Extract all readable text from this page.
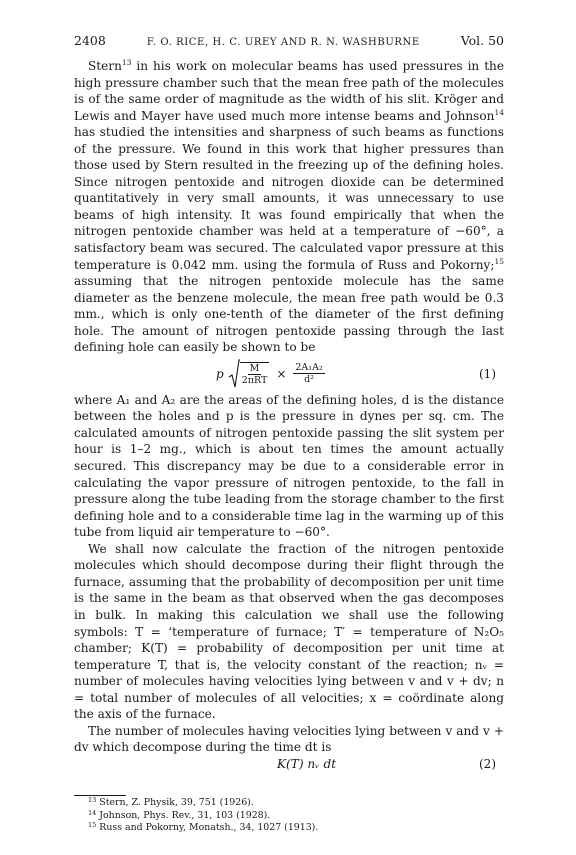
2408	F. O. RICE, H. C. UREY AND R. N. WASHBURNE	Vol. 50

Stern$^{13}$ in his work on molecular beams has used pressures in the high pressure chamber such that the mean free path of the molecules is of the same order of magnitude as the width of his slit. Kröger and Lewis and Mayer have used much more intense beams and Johnson$^{14}$ has studied the intensities and sharpness of such beams as functions of the pressure. We found in this work that higher pressures than those used by Stern resulted in the freezing up of the defining holes. Since nitrogen pentoxide and nitrogen dioxide can be determined quantitatively in very small amounts, it was unnecessary to use beams of high intensity. It was found empirically that when the nitrogen pentoxide chamber was held at a temperature of −60°, a satisfactory beam was secured. The calculated vapor pressure at this temperature is 0.042 mm. using the formula of Russ and Pokorny;$^{15}$ assuming that the nitrogen pentoxide molecule has the same diameter as the benzene molecule, the mean free path would be 0.3 mm., which is only one-tenth of the diameter of the first defining hole. The amount of nitrogen pentoxide passing through the last defining hole can easily be shown to be

p $\frac{M}{\text{2πRT}} \times \frac{\text{2A₁A₂}}{\text{d²}}$	(1)

where A₁ and A₂ are the areas of the defining holes, d is the distance between the holes and p is the pressure in dynes per sq. cm. The calculated amounts of nitrogen pentoxide passing the slit system per hour is 1–2 mg., which is about ten times the amount actually secured. This discrepancy may be due to a considerable error in calculating the vapor pressure of nitrogen pentoxide, to the fall in pressure along the tube leading from the storage chamber to the first defining hole and to a considerable time lag in the warming up of this tube from liquid air temperature to −60°.

We shall now calculate the fraction of the nitrogen pentoxide molecules which should decompose during their flight through the furnace, assuming that the probability of decomposition per unit time is the same in the beam as that observed when the gas decomposes in bulk. In making this calculation we shall use the following symbols: T = ‘temperature of furnace; T′ = temperature of N₂O₅ chamber; K(T) = probability of decomposition per unit time at temperature T, that is, the velocity constant of the reaction; nᵥ = number of molecules having velocities lying between v and v + dv; n = total number of molecules of all velocities; x = coördinate along the axis of the furnace.

The number of molecules having velocities lying between v and v + dv which decompose during the time dt is

K(T) nᵥ dt	(2)
$^{13}$ Stern, Z. Physik, 39, 751 (1926).
$^{14}$ Johnson, Phys. Rev., 31, 103 (1928).
$^{15}$ Russ and Pokorny, Monatsh., 34, 1027 (1913).
